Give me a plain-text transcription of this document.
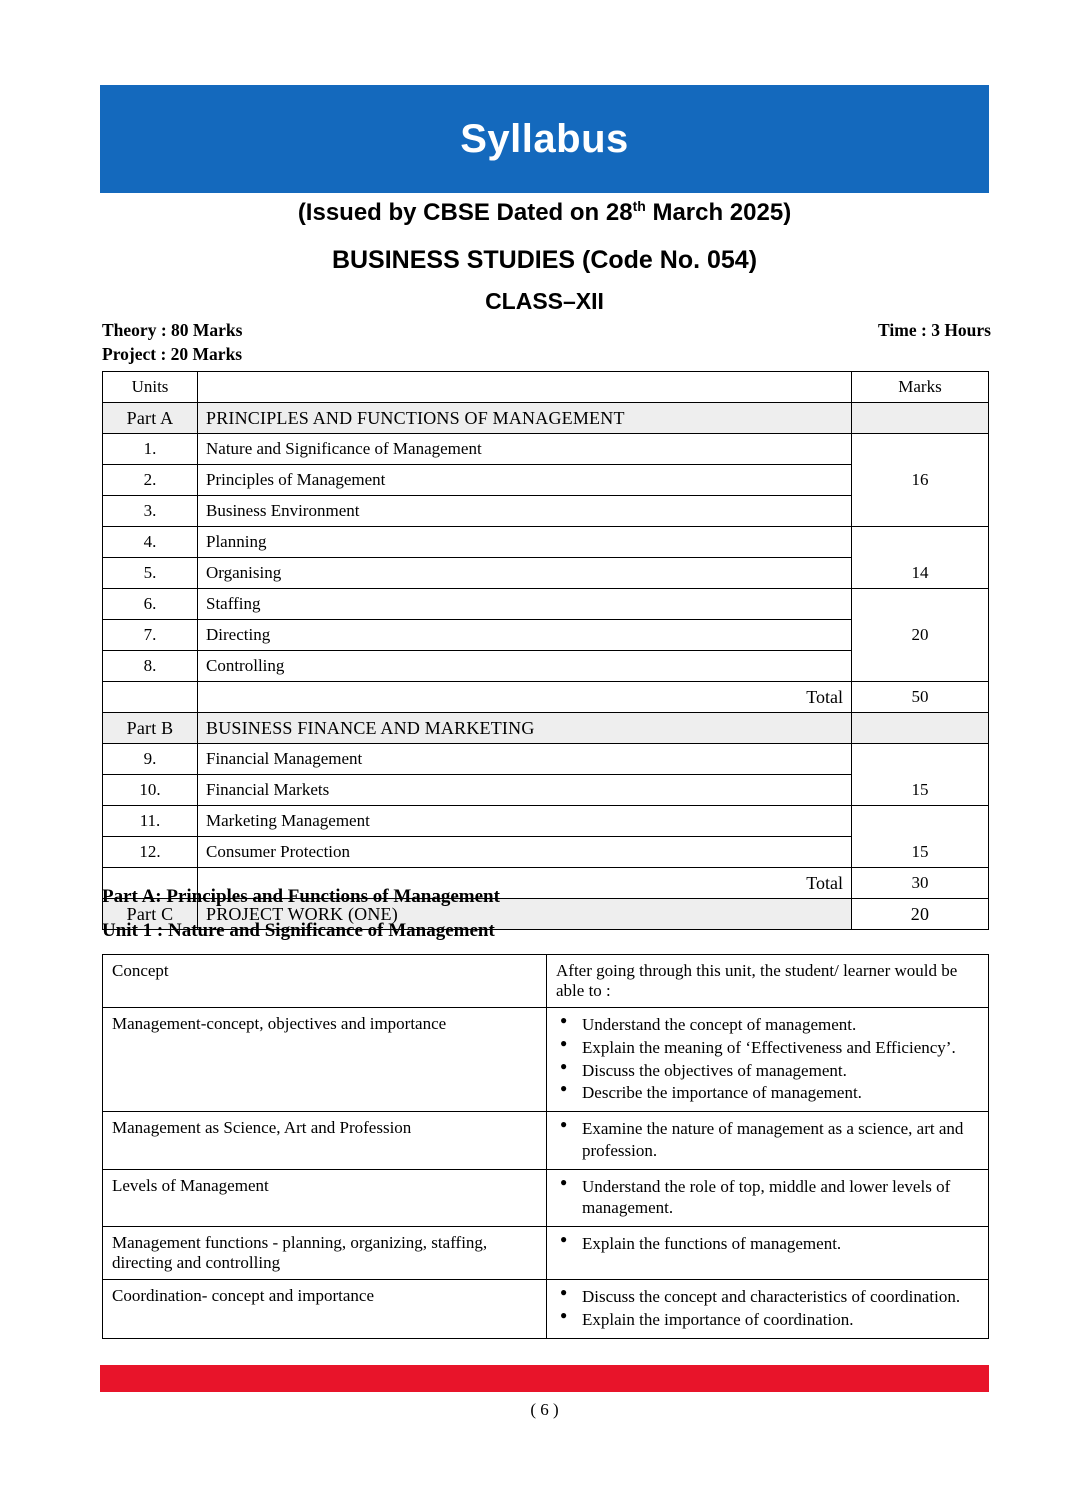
Syllabus
(Issued by CBSE Dated on 28th March 2025)
BUSINESS STUDIES (Code No. 054)
CLASS–XII
Theory : 80 Marks	Time : 3 Hours
Project : 20 Marks
Units		Marks
Part A	PRINCIPLES AND FUNCTIONS OF MANAGEMENT	
1.	Nature and Significance of Management	
2.	Principles of Management	16
3.	Business Environment	
4.	Planning	
5.	Organising	14
6.	Staffing	
7.	Directing	20
8.	Controlling	
	Total	50
Part B	BUSINESS FINANCE AND MARKETING	
9.	Financial Management	
10.	Financial Markets	15
11.	Marketing Management	
12.	Consumer Protection	15
	Total	30
Part C	PROJECT WORK (ONE)	20
Part A: Principles and Functions of Management
Unit 1 : Nature and Significance of Management
Concept	After going through this unit, the student/ learner would be able to :
Management-concept, objectives and importance	
●Understand the concept of management.
● Explain the meaning of ‘Effectiveness and Efficiency’.
● Discuss the objectives of management.
● Describe the importance of management.

Management as Science, Art and Profession	
●Examine the nature of management as a science, art and profession.

Levels of Management	
●Understand the role of top, middle and lower levels of management.

Management functions - planning, organizing, staffing, directing and controlling	
● Explain the functions of management.

Coordination- concept and importance	
●Discuss the concept and characteristics of coordination.
● Explain the importance of coordination.
( 6 )
